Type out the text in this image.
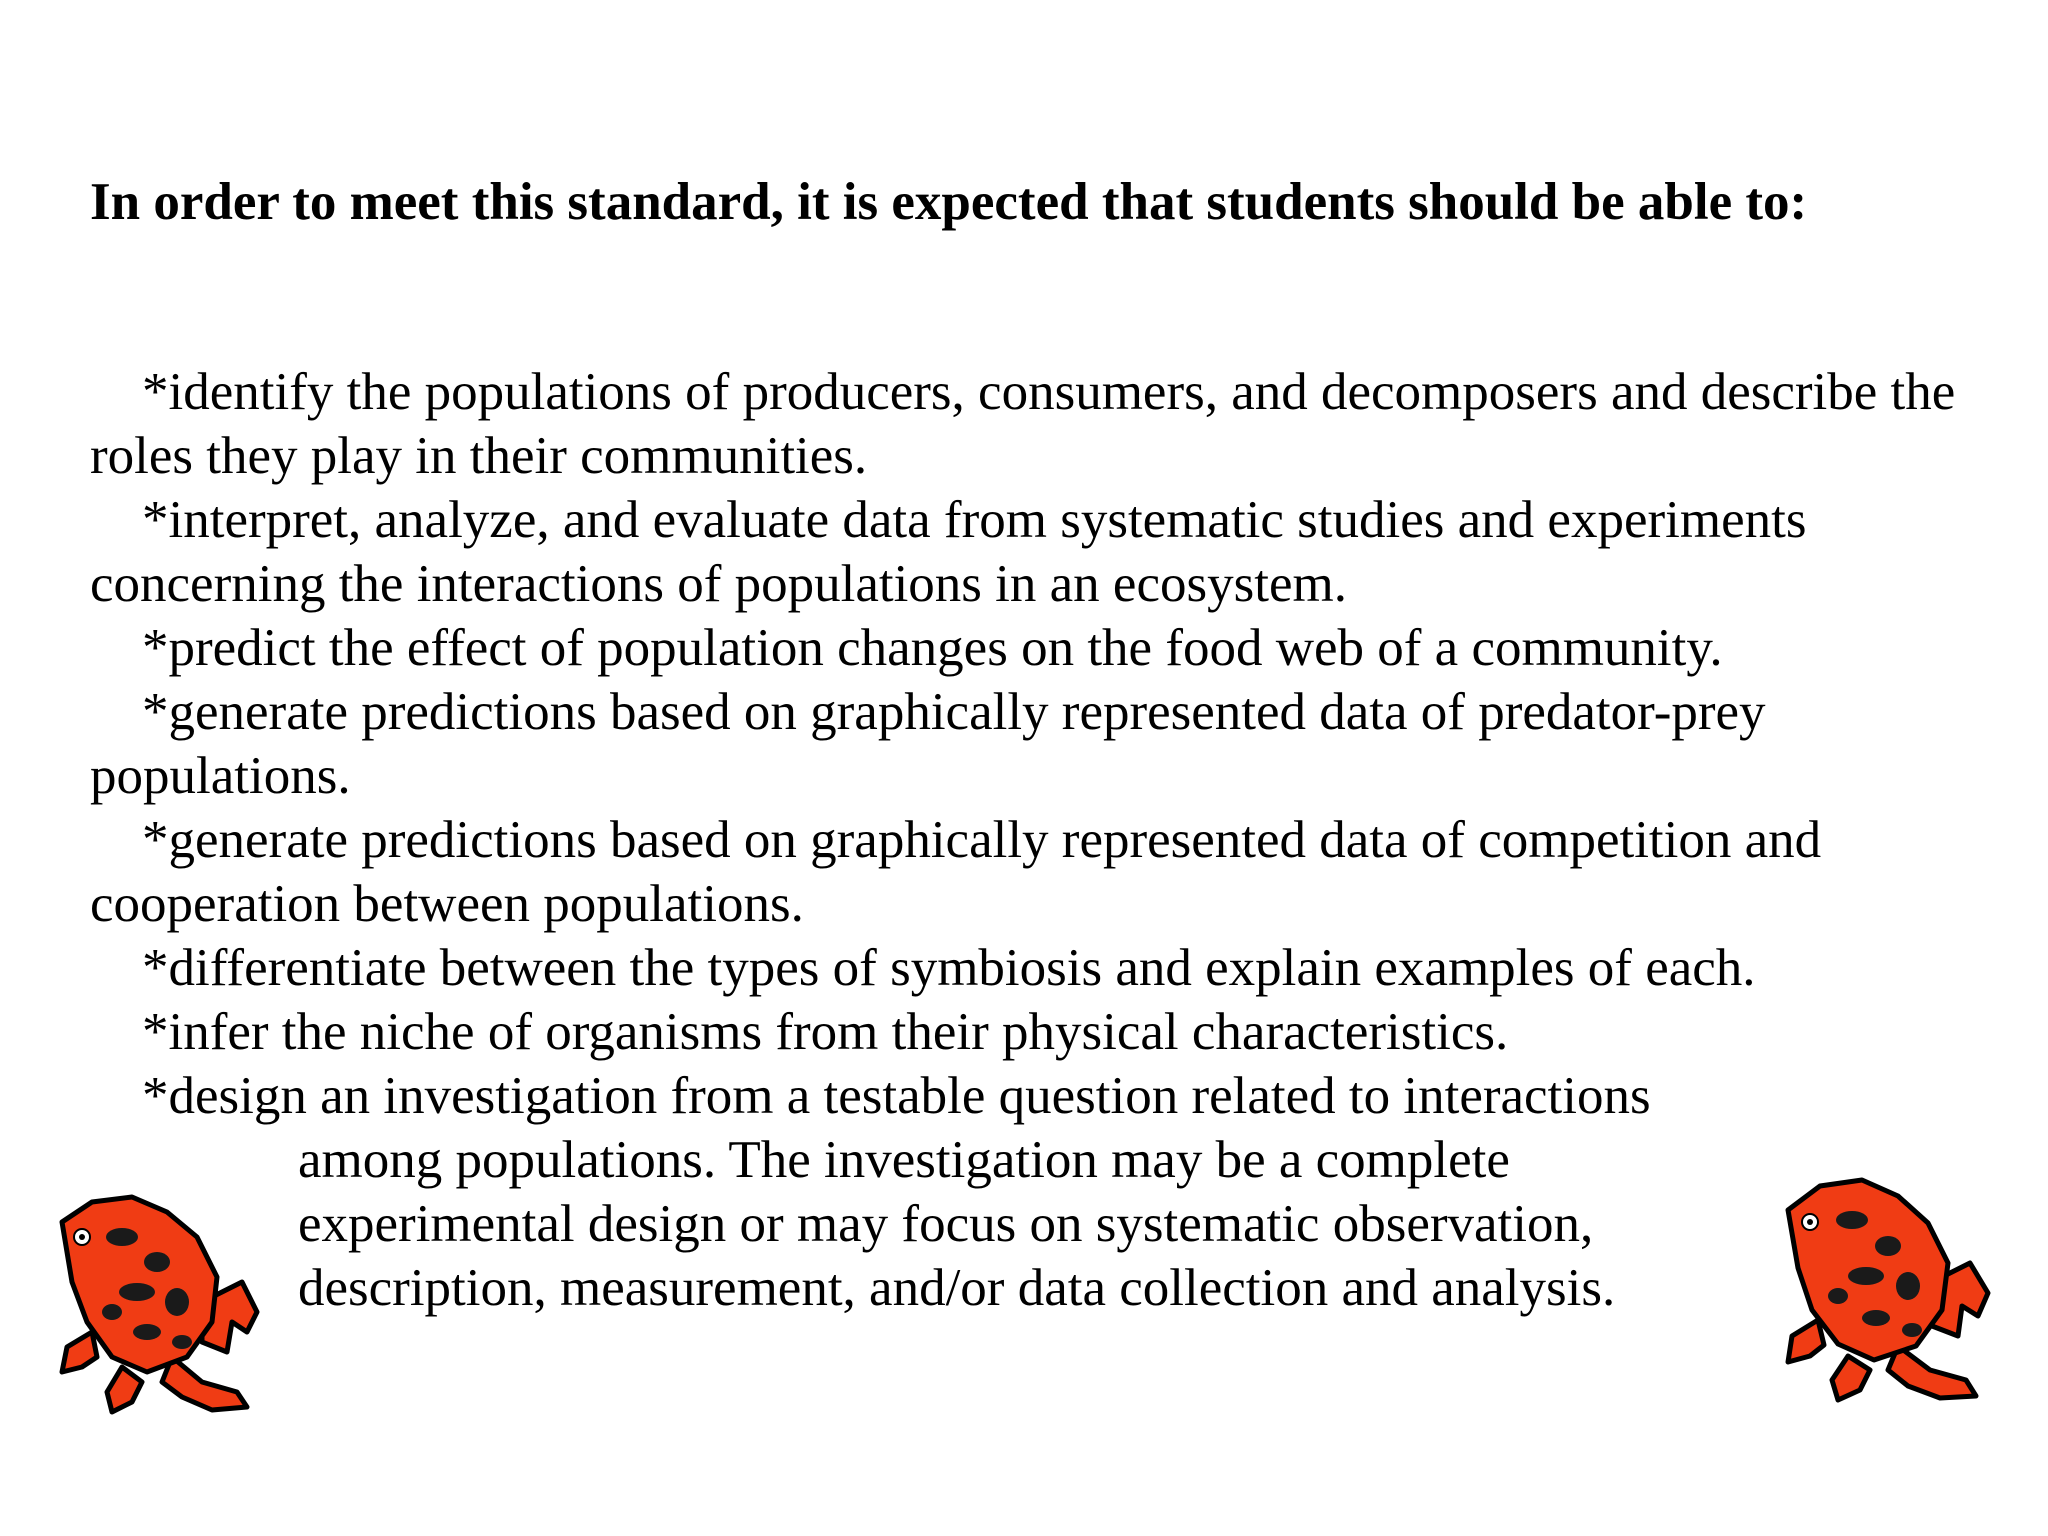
In order to meet this standard, it is expected that students should be able to:

*identify the populations of producers, consumers, and decomposers and describe the roles they play in their communities.

*interpret, analyze, and evaluate data from systematic studies and experiments concerning the interactions of populations in an ecosystem.

*predict the effect of population changes on the food web of a community.

*generate predictions based on graphically represented data of predator-prey populations.

*generate predictions based on graphically represented data of competition and cooperation between populations.

*differentiate between the types of symbiosis and explain examples of each.

*infer the niche of organisms from their physical characteristics.

*design an investigation from a testable question related to interactions
among populations. The investigation may be a complete
experimental design or may focus on systematic observation,
description, measurement, and/or data collection and analysis.
